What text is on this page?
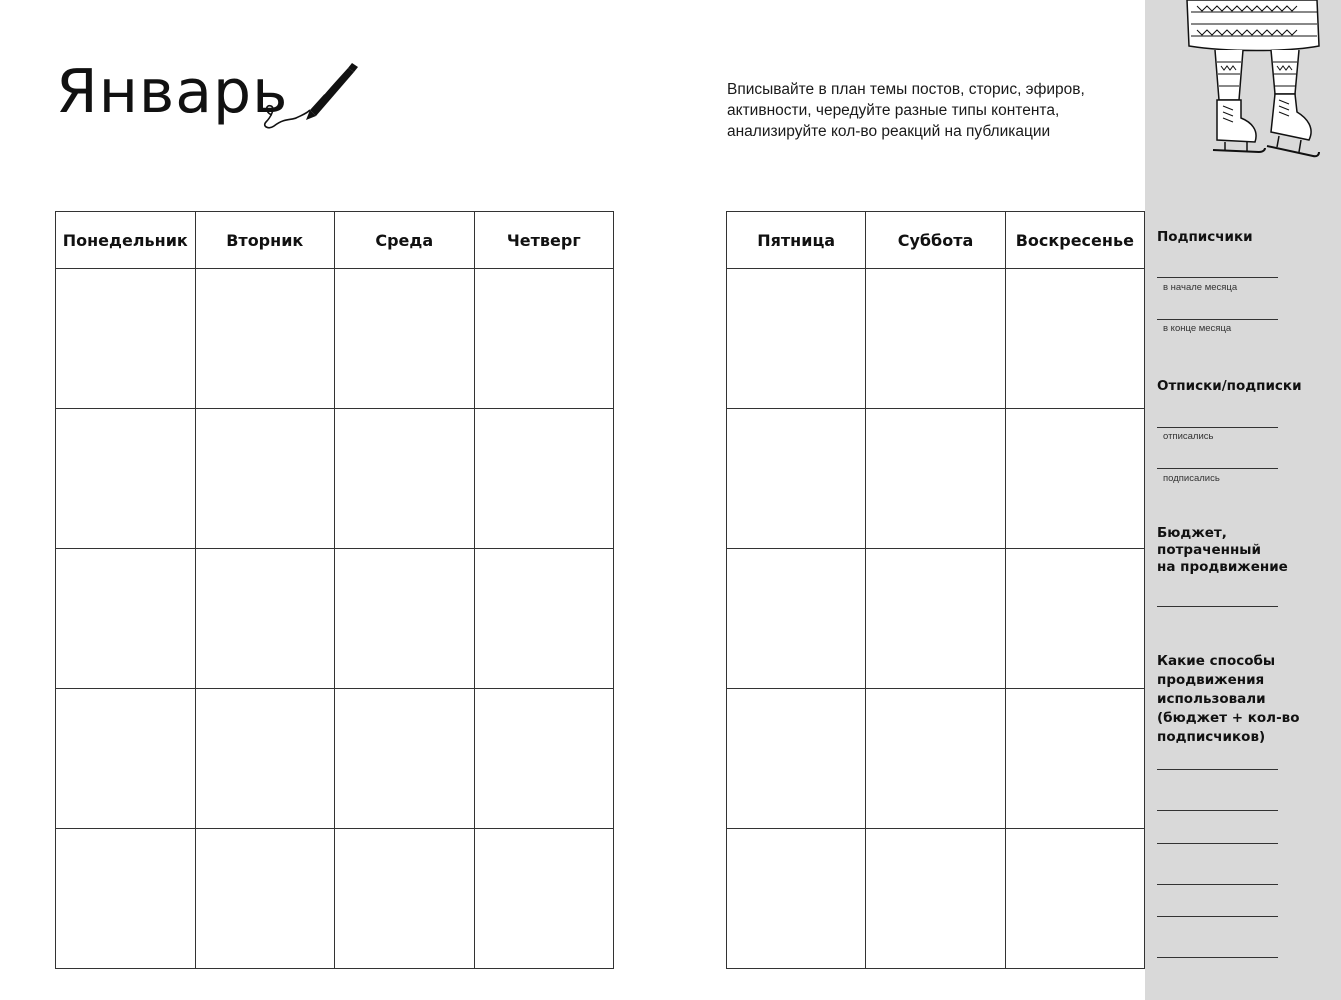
Январь	Вписывайте в план темы постов, сторис, эфиров, активности, чередуйте разные типы контента, анализируйте кол-во реакций на публикации
Понедельник	Вторник	Среда	Четверг

				Пятница	Суббота	Воскресенье

		Подписчики
в начале месяца
в конце месяца
Отписки/подписки
отписались
подписались
Бюджет,
потраченный
на продвижение
Какие способы
продвижения
использовали
(бюджет + кол-во
подписчиков)
